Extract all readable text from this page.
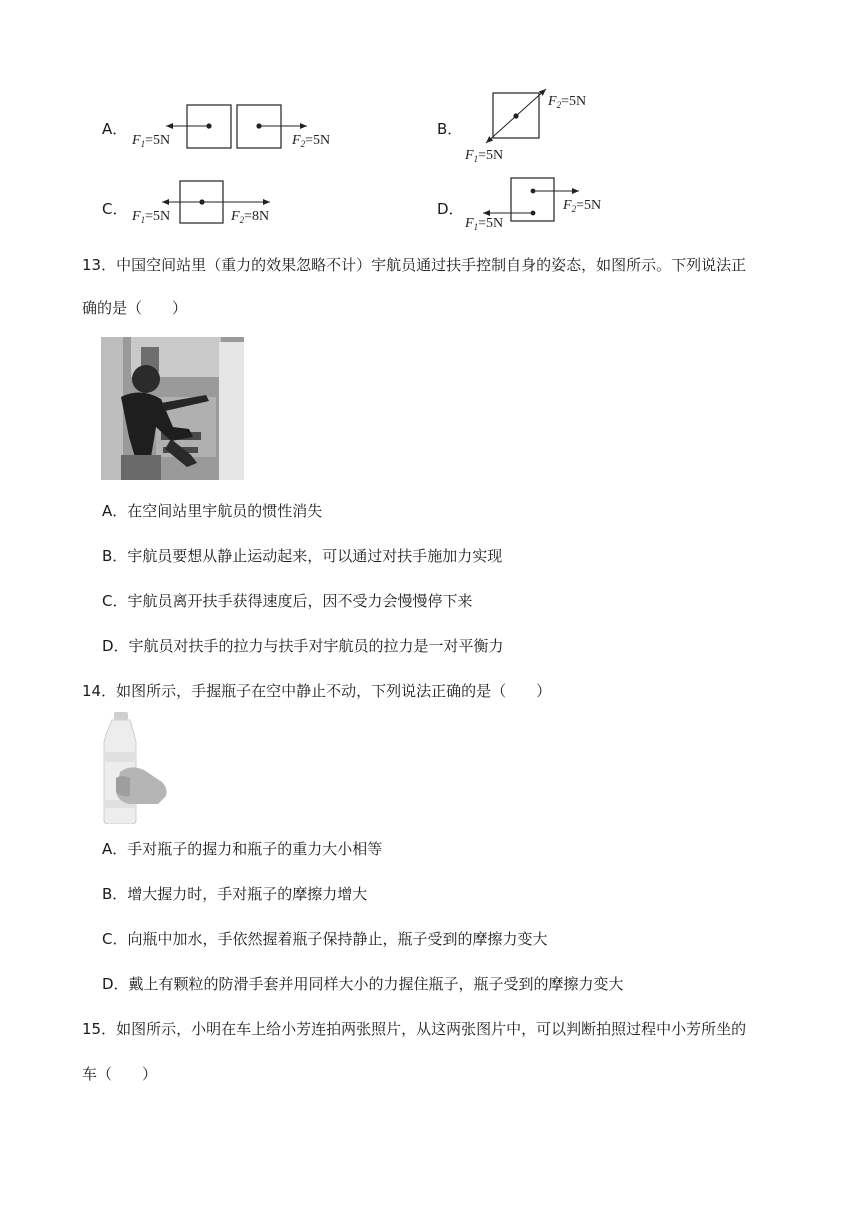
A．
$F_1=5N$	$F_2=5N$
B．
$F_2=5N$
$F_1=5N$
C． $F_1=5N$	$F_2=8N$	D．	$F_2=5N$
$F_1=5N$
13．中国空间站里（重力的效果忽略不计）宇航员通过扶手控制自身的姿态，如图所示。下列说法正
确的是（　　）
A．在空间站里宇航员的惯性消失
B．宇航员要想从静止运动起来，可以通过对扶手施加力实现
C．宇航员离开扶手获得速度后，因不受力会慢慢停下来
D．宇航员对扶手的拉力与扶手对宇航员的拉力是一对平衡力
14．如图所示，手握瓶子在空中静止不动，下列说法正确的是（　　）
A．手对瓶子的握力和瓶子的重力大小相等
B．增大握力时，手对瓶子的摩擦力增大
C．向瓶中加水，手依然握着瓶子保持静止，瓶子受到的摩擦力变大
D．戴上有颗粒的防滑手套并用同样大小的力握住瓶子，瓶子受到的摩擦力变大
15．如图所示，小明在车上给小芳连拍两张照片，从这两张图片中，可以判断拍照过程中小芳所坐的
车（　　）
